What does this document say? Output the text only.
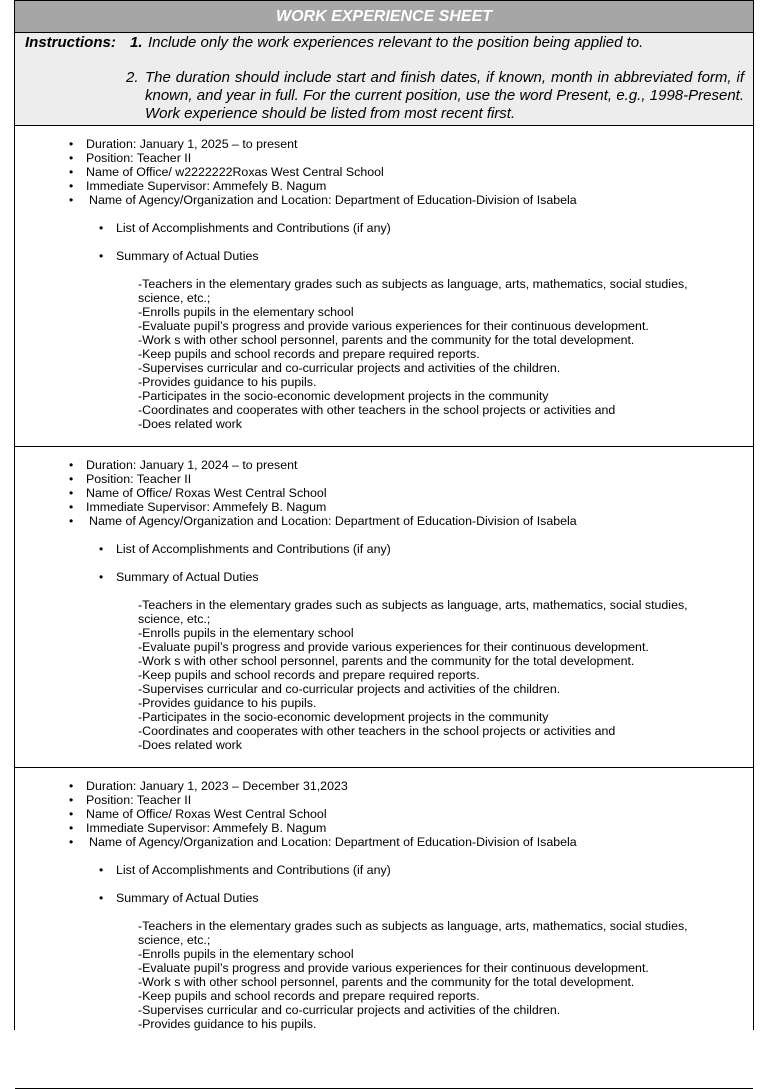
WORK EXPERIENCE SHEET
Instructions: 1. Include only the work experiences relevant to the position being applied to.
2. The duration should include start and finish dates, if known, month in abbreviated form, if known, and year in full. For the current position, use the word Present, e.g., 1998-Present. Work experience should be listed from most recent first.
• Duration: January 1, 2025 – to present
• Position: Teacher II
• Name of Office/ w2222222Roxas West Central School
• Immediate Supervisor: Ammefely B. Nagum
• Name of Agency/Organization and Location: Department of Education-Division of Isabela
• List of Accomplishments and Contributions (if any)
• Summary of Actual Duties
-Teachers in the elementary grades such as subjects as language, arts, mathematics, social studies, science, etc.;
-Enrolls pupils in the elementary school
-Evaluate pupil’s progress and provide various experiences for their continuous development.
-Work s with other school personnel, parents and the community for the total development.
-Keep pupils and school records and prepare required reports.
-Supervises curricular and co-curricular projects and activities of the children.
-Provides guidance to his pupils.
-Participates in the socio-economic development projects in the community
-Coordinates and cooperates with other teachers in the school projects or activities and
-Does related work
• Duration: January 1, 2024 – to present
• Position: Teacher II
• Name of Office/ Roxas West Central School
• Immediate Supervisor: Ammefely B. Nagum
• Name of Agency/Organization and Location: Department of Education-Division of Isabela
• List of Accomplishments and Contributions (if any)
• Summary of Actual Duties
-Teachers in the elementary grades such as subjects as language, arts, mathematics, social studies, science, etc.;
-Enrolls pupils in the elementary school
-Evaluate pupil’s progress and provide various experiences for their continuous development.
-Work s with other school personnel, parents and the community for the total development.
-Keep pupils and school records and prepare required reports.
-Supervises curricular and co-curricular projects and activities of the children.
-Provides guidance to his pupils.
-Participates in the socio-economic development projects in the community
-Coordinates and cooperates with other teachers in the school projects or activities and
-Does related work
• Duration: January 1, 2023 – December 31,2023
• Position: Teacher II
• Name of Office/ Roxas West Central School
• Immediate Supervisor: Ammefely B. Nagum
• Name of Agency/Organization and Location: Department of Education-Division of Isabela
• List of Accomplishments and Contributions (if any)
• Summary of Actual Duties
-Teachers in the elementary grades such as subjects as language, arts, mathematics, social studies, science, etc.;
-Enrolls pupils in the elementary school
-Evaluate pupil’s progress and provide various experiences for their continuous development.
-Work s with other school personnel, parents and the community for the total development.
-Keep pupils and school records and prepare required reports.
-Supervises curricular and co-curricular projects and activities of the children.
-Provides guidance to his pupils.
